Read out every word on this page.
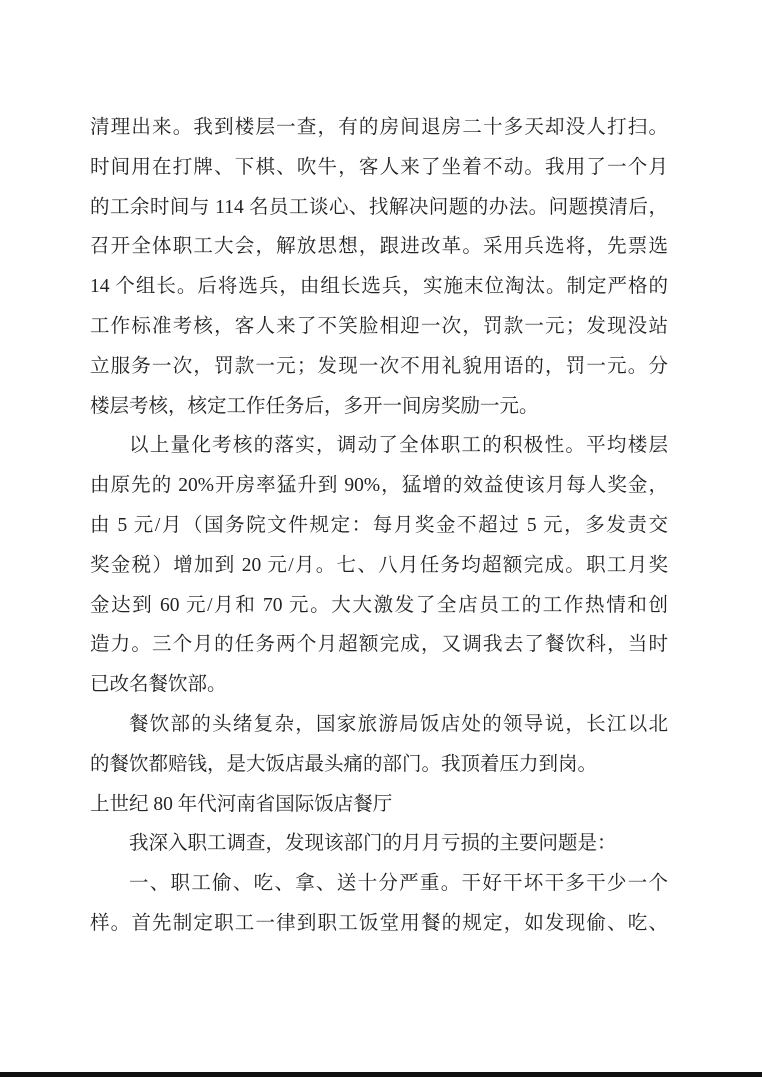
清理出来。我到楼层一查，有的房间退房二十多天却没人打扫。
时间用在打牌、下棋、吹牛，客人来了坐着不动。我用了一个月
的工余时间与 114 名员工谈心、找解决问题的办法。问题摸清后，
召开全体职工大会，解放思想，跟进改革。采用兵选将，先票选
14 个组长。后将选兵，由组长选兵，实施末位淘汰。制定严格的
工作标准考核，客人来了不笑脸相迎一次，罚款一元；发现没站
立服务一次，罚款一元；发现一次不用礼貌用语的，罚一元。分
楼层考核，核定工作任务后，多开一间房奖励一元。
以上量化考核的落实，调动了全体职工的积极性。平均楼层
由原先的 20%开房率猛升到 90%，猛增的效益使该月每人奖金，
由 5 元/月（国务院文件规定：每月奖金不超过 5 元，多发责交
奖金税）增加到 20 元/月。七、八月任务均超额完成。职工月奖
金达到 60 元/月和 70 元。大大激发了全店员工的工作热情和创
造力。三个月的任务两个月超额完成，又调我去了餐饮科，当时
已改名餐饮部。
餐饮部的头绪复杂，国家旅游局饭店处的领导说，长江以北
的餐饮都赔钱，是大饭店最头痛的部门。我顶着压力到岗。
上世纪 80 年代河南省国际饭店餐厅
我深入职工调查，发现该部门的月月亏损的主要问题是：
一、职工偷、吃、拿、送十分严重。干好干坏干多干少一个
样。首先制定职工一律到职工饭堂用餐的规定，如发现偷、吃、
